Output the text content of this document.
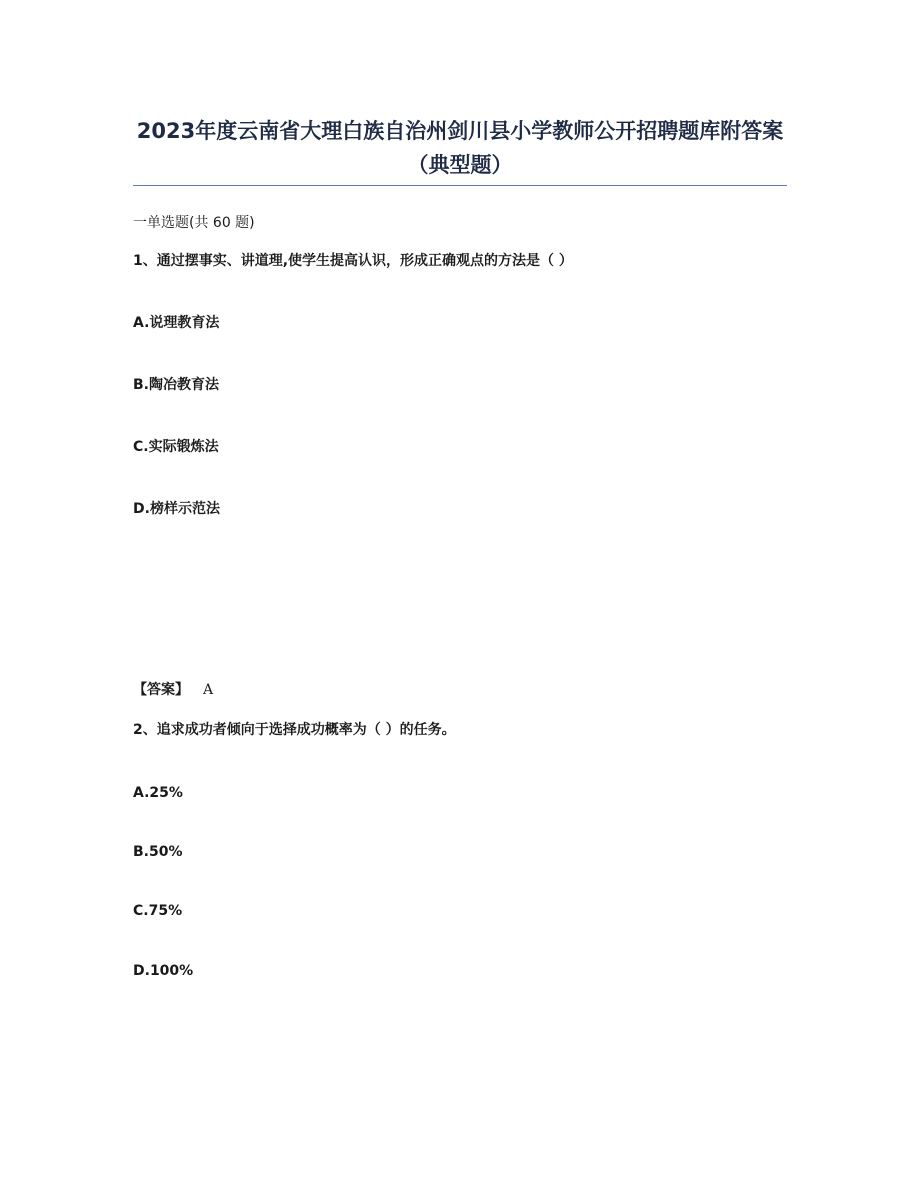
2023年度云南省大理白族自治州剑川县小学教师公开招聘题库附答案（典型题）
一单选题(共 60 题)
1、通过摆事实、讲道理,使学生提高认识，形成正确观点的方法是（ ）
A.说理教育法
B.陶冶教育法
C.实际锻炼法
D.榜样示范法
【答案】 A
2、追求成功者倾向于选择成功概率为（ ）的任务。
A.25%
B.50%
C.75%
D.100%
